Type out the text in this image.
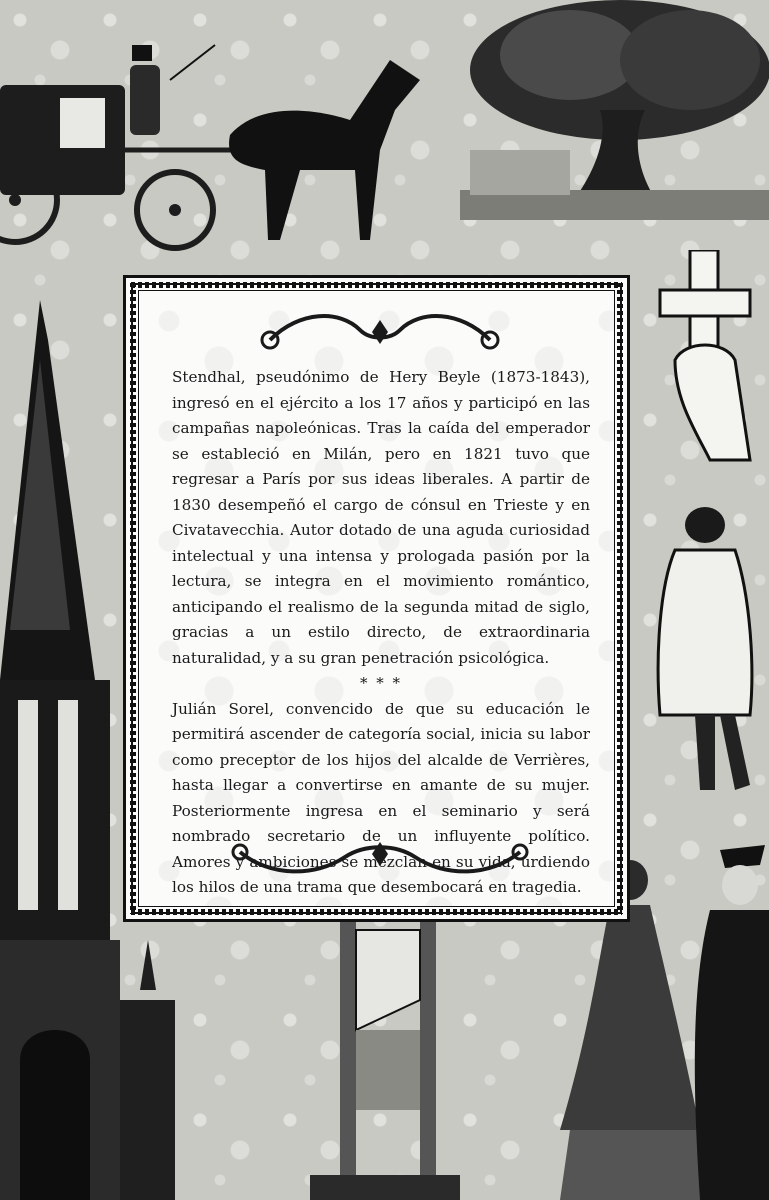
Stendhal, pseudónimo de Hery Beyle (1873-1843), ingresó en el ejército a los 17 años y participó en las campañas napoleónicas. Tras la caída del emperador se estableció en Milán, pero en 1821 tuvo que regresar a París por sus ideas liberales. A partir de 1830 desempeñó el cargo de cónsul en Trieste y en Civatavecchia. Autor dotado de una aguda curiosidad intelectual y una intensa y prologada pasión por la lectura, se integra en el movimiento romántico, anticipando el realismo de la segunda mitad de siglo, gracias a un estilo directo, de extraordinaria naturalidad, y a su gran penetración psicológica.

* * *

Julián Sorel, convencido de que su educación le permitirá ascender de categoría social, inicia su labor como preceptor de los hijos del alcalde de Verrières, hasta llegar a convertirse en amante de su mujer. Posteriormente ingresa en el seminario y será nombrado secretario de un influyente político. Amores y ambiciones se mezclan en su vida, urdiendo los hilos de una trama que desembocará en tragedia.
